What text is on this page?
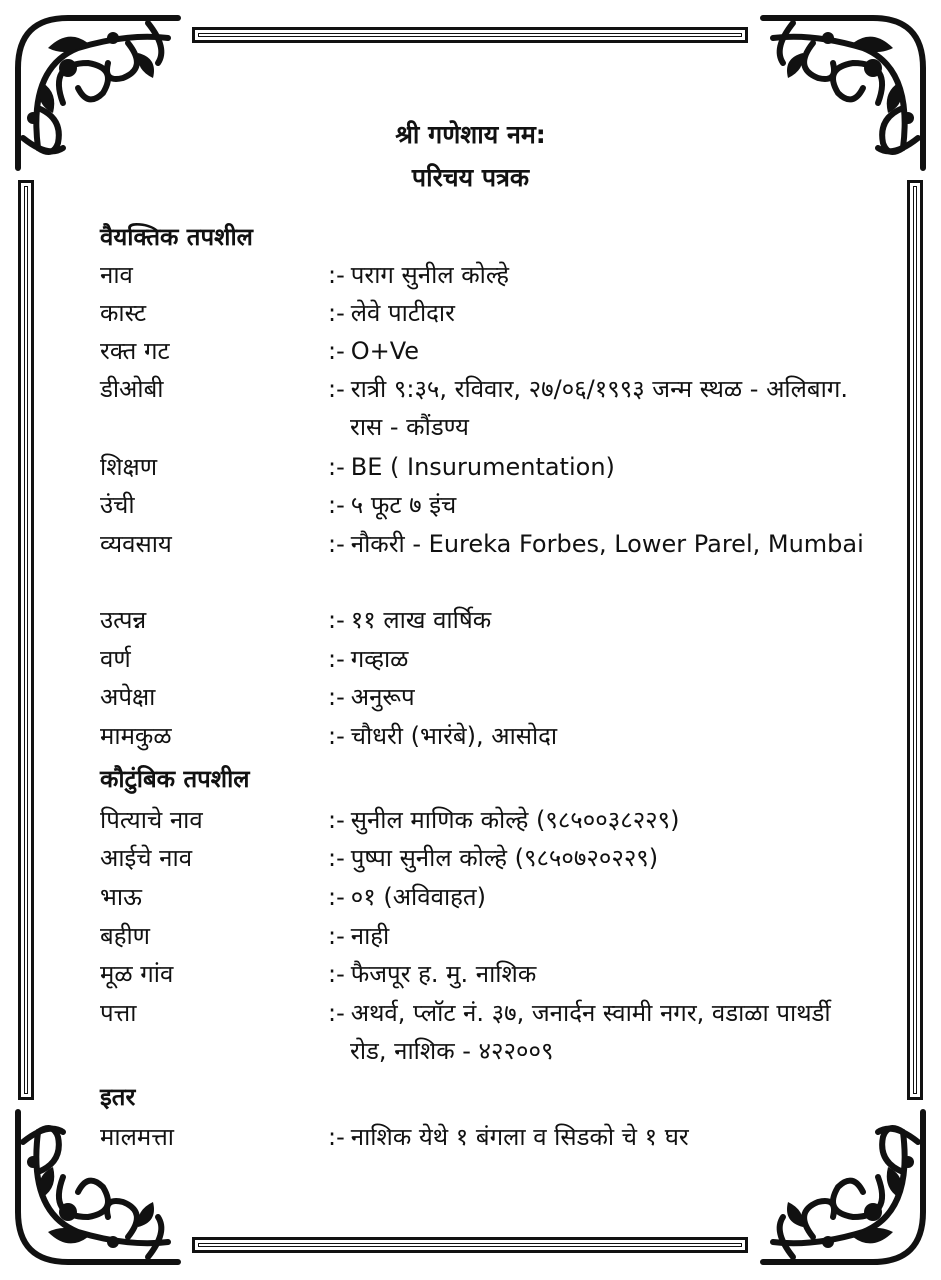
श्री गणेशाय नम:
परिचय पत्रक
वैयक्तिक तपशील
नाव	:- पराग सुनील कोल्हे
कास्ट	:- लेवे पाटीदार
रक्त गट	:- O+Ve
डीओबी	:- रात्री ९:३५, रविवार, २७/०६/१९९३ जन्म स्थळ - अलिबाग. रास - कौंडण्य
शिक्षण	:- BE ( Insurumentation)
उंची	:- ५ फूट ७ इंच
व्यवसाय	:- नौकरी - Eureka Forbes, Lower Parel, Mumbai
उत्पन्न	:- ११ लाख वार्षिक
वर्ण	:- गव्हाळ
अपेक्षा	:- अनुरूप
मामकुळ	:- चौधरी (भारंबे), आसोदा
कौटुंबिक तपशील
पित्याचे नाव	:- सुनील माणिक कोल्हे (९८५००३८२२९)
आईचे नाव	:- पुष्पा सुनील कोल्हे (९८५०७२०२२९)
भाऊ	:- ०१ (अविवाहत)
बहीण	:- नाही
मूळ गांव	:- फैजपूर ह. मु. नाशिक
पत्ता	:- अथर्व, प्लॉट नं. ३७, जनार्दन स्वामी नगर, वडाळा पाथर्डी रोड, नाशिक - ४२२००९
इतर
मालमत्ता	:- नाशिक येथे १ बंगला व सिडको चे १ घर
